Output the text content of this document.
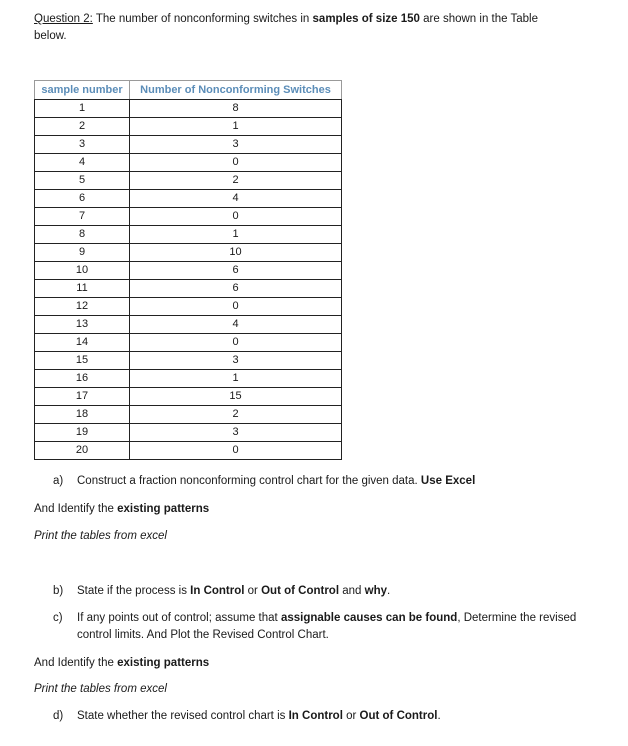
Question 2: The number of nonconforming switches in samples of size 150 are shown in the Table
below.

sample number	Number of Nonconforming Switches
1	8
2	1
3	3
4	0
5	2
6	4
7	0
8	1
9	10
10	6
11	6
12	0
13	4
14	0
15	3
16	1
17	15
18	2
19	3
20	0
a) Construct a fraction nonconforming control chart for the given data. Use Excel

And Identify the existing patterns

Print the tables from excel

b) State if the process is In Control or Out of Control and why.
c) If any points out of control; assume that assignable causes can be found, Determine the revised
control limits. And Plot the Revised Control Chart.

And Identify the existing patterns

Print the tables from excel

d) State whether the revised control chart is In Control or Out of Control.
